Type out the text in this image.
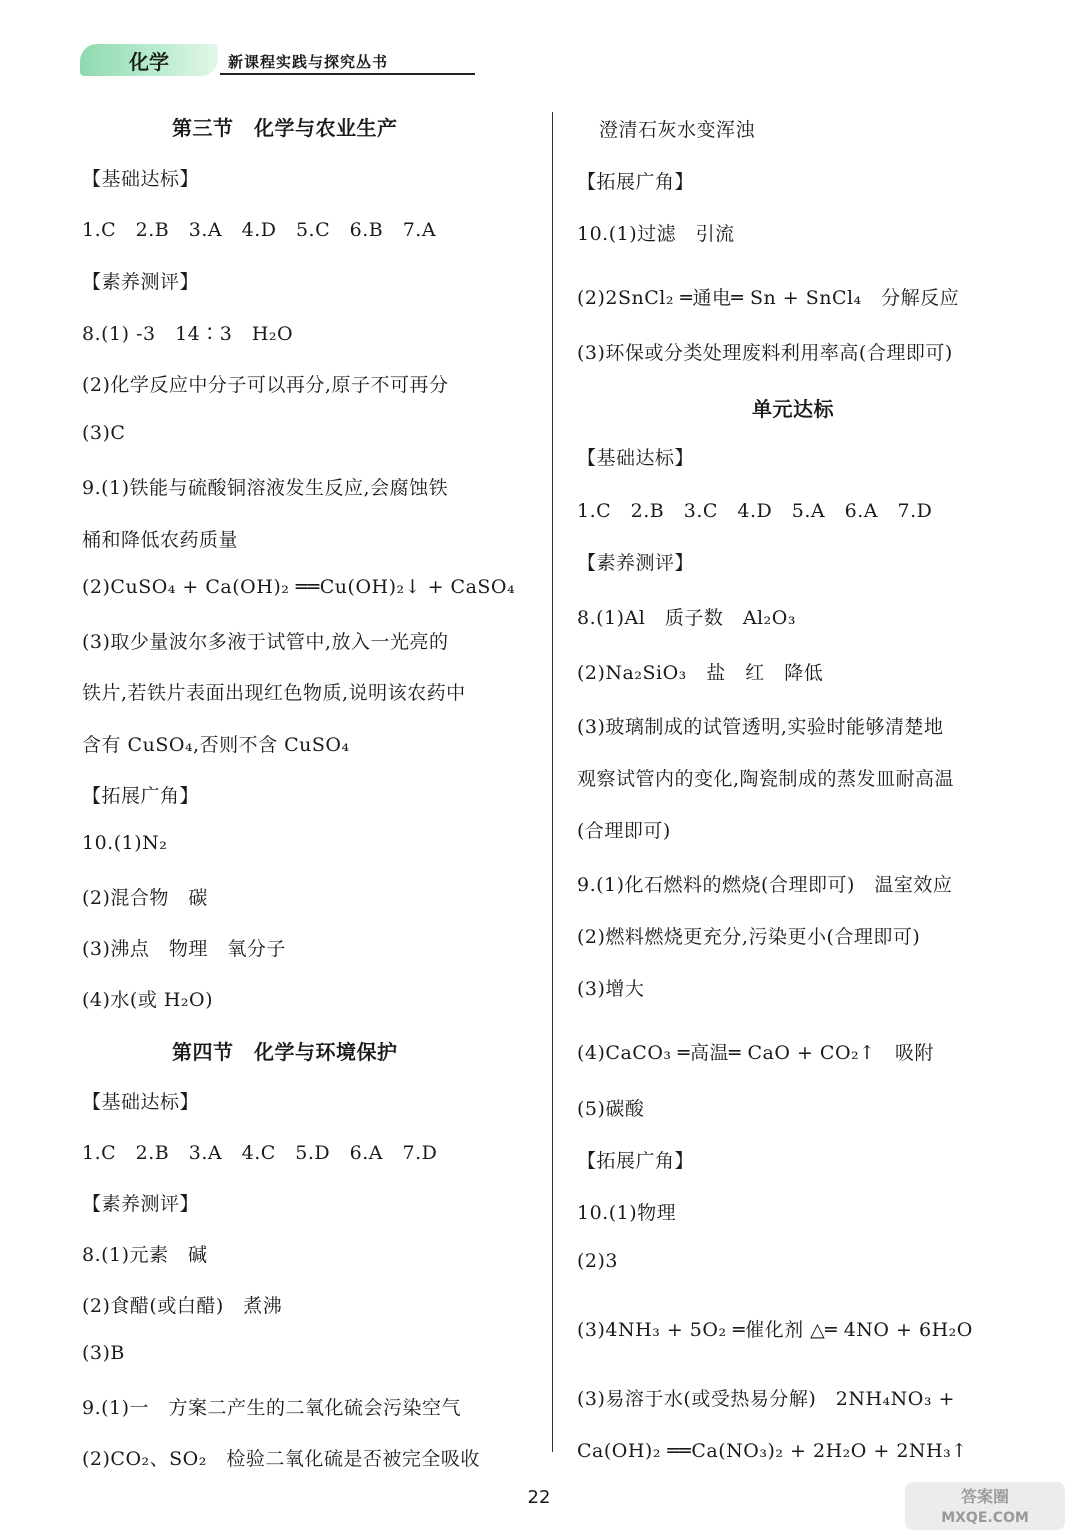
化学	新课程实践与探究丛书
第三节　化学与农业生产
【基础达标】
1.C　2.B　3.A　4.D　5.C　6.B　7.A
【素养测评】
8.(1) -3　14∶3　H₂O
(2)化学反应中分子可以再分,原子不可再分
(3)C
9.(1)铁能与硫酸铜溶液发生反应,会腐蚀铁
桶和降低农药质量
(2)CuSO₄ + Ca(OH)₂ ══Cu(OH)₂↓ + CaSO₄
(3)取少量波尔多液于试管中,放入一光亮的
铁片,若铁片表面出现红色物质,说明该农药中
含有 CuSO₄,否则不含 CuSO₄
【拓展广角】
10.(1)N₂
(2)混合物　碳
(3)沸点　物理　氧分子
(4)水(或 H₂O)
第四节　化学与环境保护
【基础达标】
1.C　2.B　3.A　4.C　5.D　6.A　7.D
【素养测评】
8.(1)元素　碱
(2)食醋(或白醋)　煮沸
(3)B
9.(1)一　方案二产生的二氧化硫会污染空气
(2)CO₂、SO₂　检验二氧化硫是否被完全吸收
澄清石灰水变浑浊
【拓展广角】
10.(1)过滤　引流
(2)2SnCl₂ ═通电═ Sn + SnCl₄　分解反应
(3)环保或分类处理废料利用率高(合理即可)
单元达标
【基础达标】
1.C　2.B　3.C　4.D　5.A　6.A　7.D
【素养测评】
8.(1)Al　质子数　Al₂O₃
(2)Na₂SiO₃　盐　红　降低
(3)玻璃制成的试管透明,实验时能够清楚地
观察试管内的变化,陶瓷制成的蒸发皿耐高温
(合理即可)
9.(1)化石燃料的燃烧(合理即可)　温室效应
(2)燃料燃烧更充分,污染更小(合理即可)
(3)增大
(4)CaCO₃ ═高温═ CaO + CO₂↑　吸附
(5)碳酸
【拓展广角】
10.(1)物理
(2)3
(3)4NH₃ + 5O₂ ═催化剂 △═ 4NO + 6H₂O
(3)易溶于水(或受热易分解)　2NH₄NO₃ +
Ca(OH)₂ ══Ca(NO₃)₂ + 2H₂O + 2NH₃↑
22	答案圈
MXQE.COM
